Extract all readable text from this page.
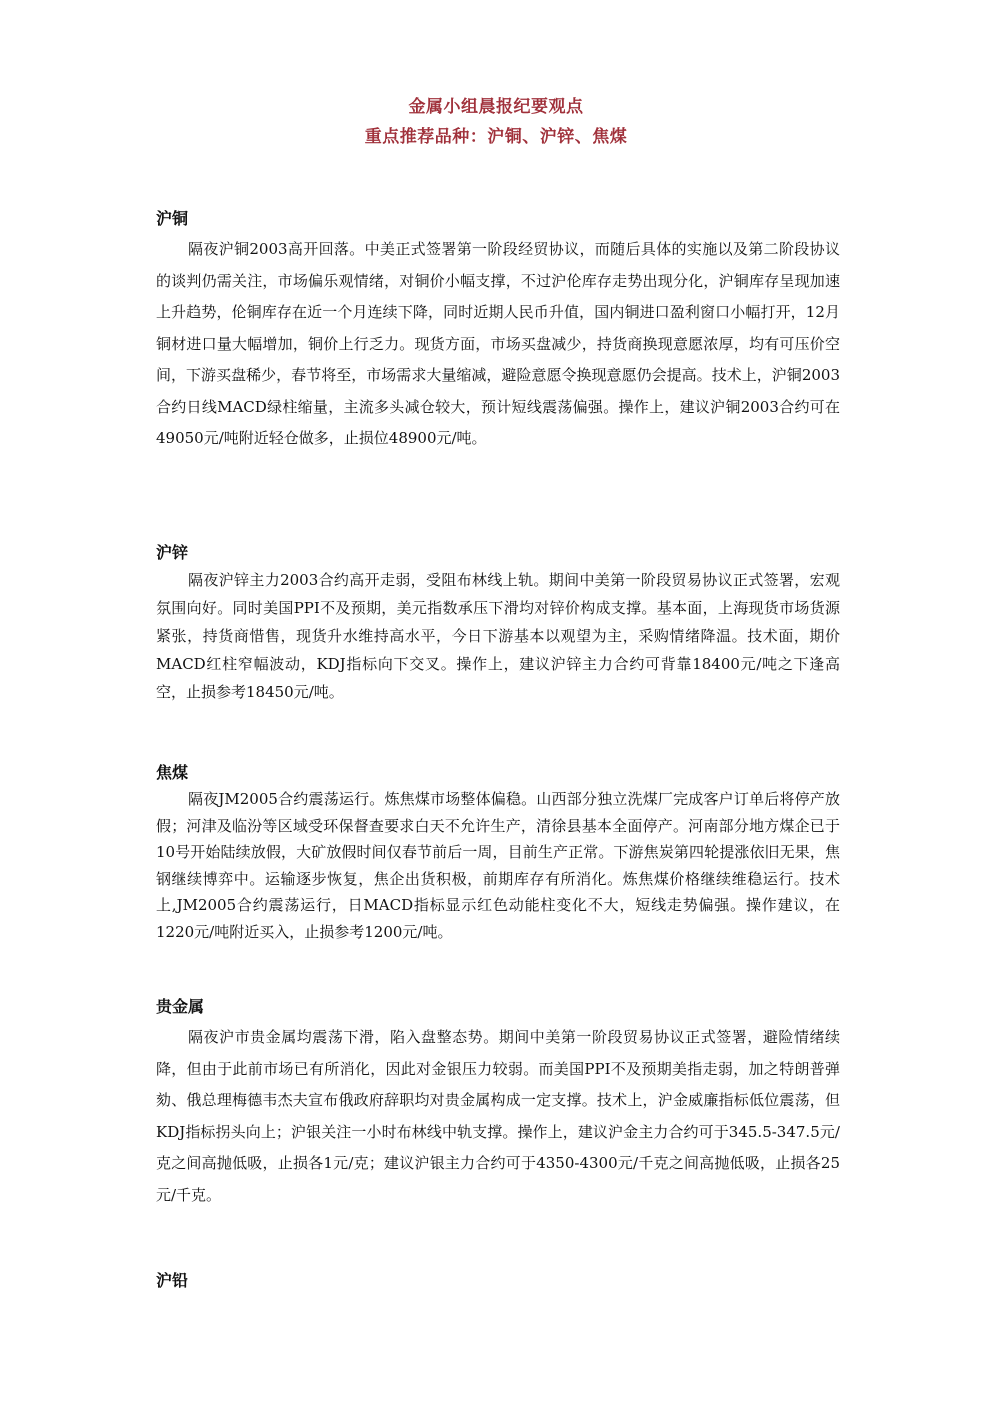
金属小组晨报纪要观点
重点推荐品种：沪铜、沪锌、焦煤
沪铜

隔夜沪铜2003高开回落。中美正式签署第一阶段经贸协议，而随后具体的实施以及第二阶段协议的谈判仍需关注，市场偏乐观情绪，对铜价小幅支撑，不过沪伦库存走势出现分化，沪铜库存呈现加速上升趋势，伦铜库存在近一个月连续下降，同时近期人民币升值，国内铜进口盈利窗口小幅打开，12月铜材进口量大幅增加，铜价上行乏力。现货方面，市场买盘减少，持货商换现意愿浓厚，均有可压价空间，下游买盘稀少，春节将至，市场需求大量缩减，避险意愿令换现意愿仍会提高。技术上，沪铜2003合约日线MACD绿柱缩量，主流多头减仓较大，预计短线震荡偏强。操作上，建议沪铜2003合约可在49050元/吨附近轻仓做多，止损位48900元/吨。

沪锌

隔夜沪锌主力2003合约高开走弱，受阻布林线上轨。期间中美第一阶段贸易协议正式签署，宏观氛围向好。同时美国PPI不及预期，美元指数承压下滑均对锌价构成支撑。基本面，上海现货市场货源紧张，持货商惜售，现货升水维持高水平，今日下游基本以观望为主，采购情绪降温。技术面，期价MACD红柱窄幅波动，KDJ指标向下交叉。操作上，建议沪锌主力合约可背靠18400元/吨之下逢高空，止损参考18450元/吨。

焦煤

隔夜JM2005合约震荡运行。炼焦煤市场整体偏稳。山西部分独立洗煤厂完成客户订单后将停产放假；河津及临汾等区域受环保督查要求白天不允许生产，清徐县基本全面停产。河南部分地方煤企已于10号开始陆续放假，大矿放假时间仅春节前后一周，目前生产正常。下游焦炭第四轮提涨依旧无果，焦钢继续博弈中。运输逐步恢复，焦企出货积极，前期库存有所消化。炼焦煤价格继续维稳运行。技术上,JM2005合约震荡运行，日MACD指标显示红色动能柱变化不大，短线走势偏强。操作建议，在1220元/吨附近买入，止损参考1200元/吨。

贵金属

隔夜沪市贵金属均震荡下滑，陷入盘整态势。期间中美第一阶段贸易协议正式签署，避险情绪续降，但由于此前市场已有所消化，因此对金银压力较弱。而美国PPI不及预期美指走弱，加之特朗普弹劾、俄总理梅德韦杰夫宣布俄政府辞职均对贵金属构成一定支撑。技术上，沪金威廉指标低位震荡，但KDJ指标拐头向上；沪银关注一小时布林线中轨支撑。操作上，建议沪金主力合约可于345.5-347.5元/克之间高抛低吸，止损各1元/克；建议沪银主力合约可于4350-4300元/千克之间高抛低吸，止损各25元/千克。

沪铅
